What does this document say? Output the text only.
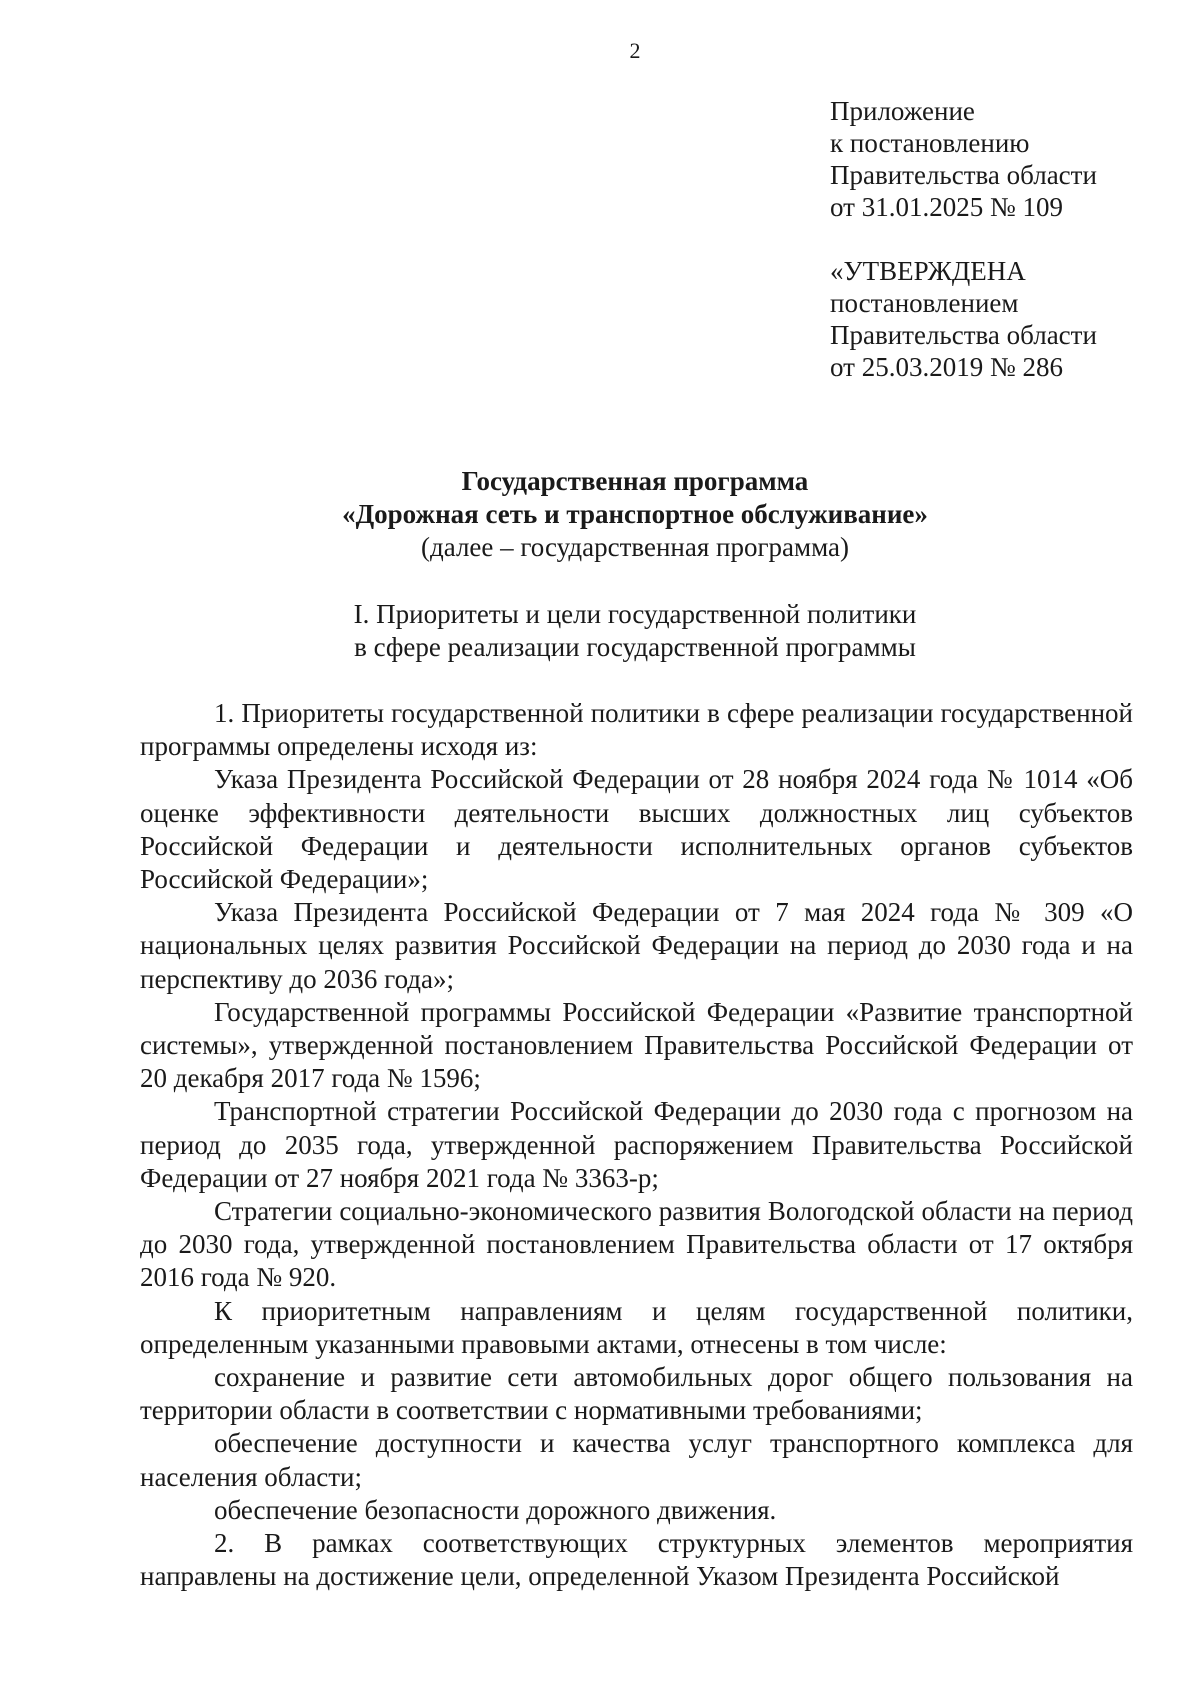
2
Приложение
к постановлению
Правительства области
от 31.01.2025 № 109
«УТВЕРЖДЕНА
постановлением
Правительства области
от 25.03.2019 № 286
Государственная программа
«Дорожная сеть и транспортное обслуживание»
(далее – государственная программа)
I. Приоритеты и цели государственной политики
в сфере реализации государственной программы

1. Приоритеты государственной политики в сфере реализации государственной программы определены исходя из:

Указа Президента Российской Федерации от 28 ноября 2024 года № 1014 «Об оценке эффективности деятельности высших должностных лиц субъектов Российской Федерации и деятельности исполнительных органов субъектов Российской Федерации»;

Указа Президента Российской Федерации от 7 мая 2024 года № 309 «О национальных целях развития Российской Федерации на период до 2030 года и на перспективу до 2036 года»;

Государственной программы Российской Федерации «Развитие транспортной системы», утвержденной постановлением Правительства Российской Федерации от 20 декабря 2017 года № 1596;

Транспортной стратегии Российской Федерации до 2030 года с прогнозом на период до 2035 года, утвержденной распоряжением Правительства Российской Федерации от 27 ноября 2021 года № 3363-р;

Стратегии социально-экономического развития Вологодской области на период до 2030 года, утвержденной постановлением Правительства области от 17 октября 2016 года № 920.

К приоритетным направлениям и целям государственной политики, определенным указанными правовыми актами, отнесены в том числе:

сохранение и развитие сети автомобильных дорог общего пользования на территории области в соответствии с нормативными требованиями;

обеспечение доступности и качества услуг транспортного комплекса для населения области;

обеспечение безопасности дорожного движения.

2. В рамках соответствующих структурных элементов мероприятия направлены на достижение цели, определенной Указом Президента Российской
